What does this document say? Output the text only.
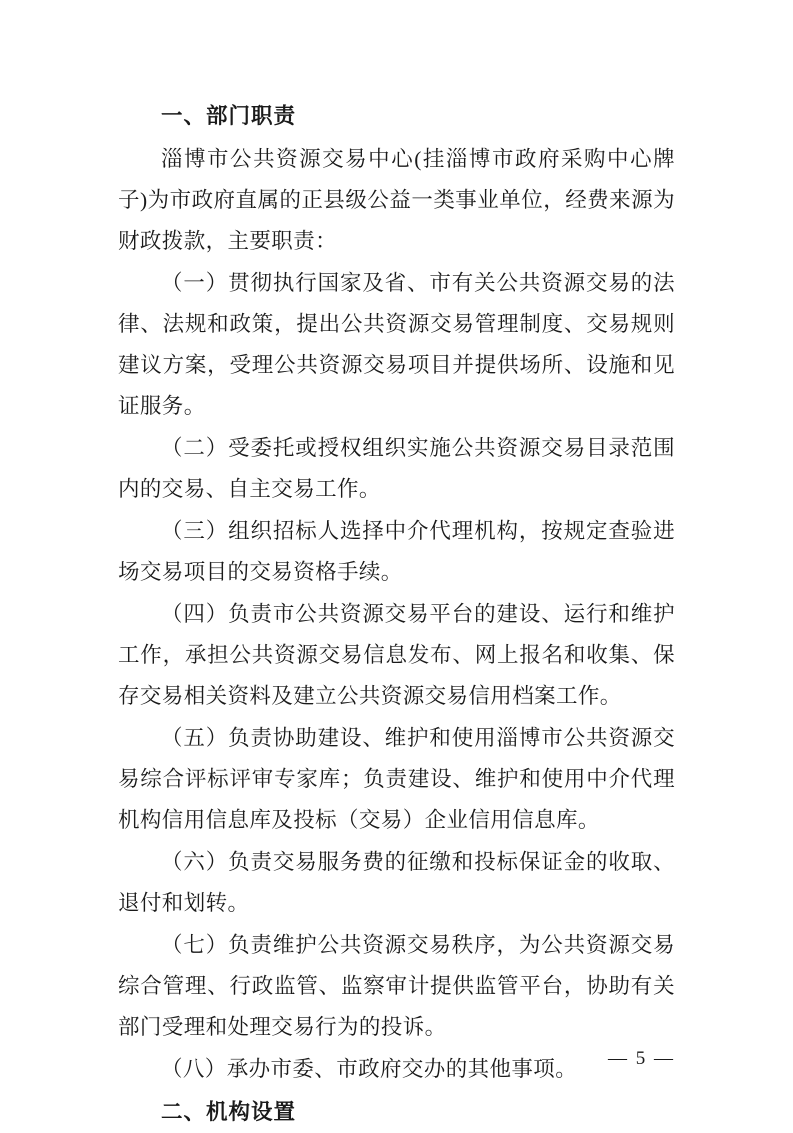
一、部门职责

淄博市公共资源交易中心(挂淄博市政府采购中心牌子)为市政府直属的正县级公益一类事业单位，经费来源为财政拨款，主要职责：

（一）贯彻执行国家及省、市有关公共资源交易的法律、法规和政策，提出公共资源交易管理制度、交易规则建议方案，受理公共资源交易项目并提供场所、设施和见证服务。

（二）受委托或授权组织实施公共资源交易目录范围内的交易、自主交易工作。

（三）组织招标人选择中介代理机构，按规定查验进场交易项目的交易资格手续。

（四）负责市公共资源交易平台的建设、运行和维护工作，承担公共资源交易信息发布、网上报名和收集、保存交易相关资料及建立公共资源交易信用档案工作。

（五）负责协助建设、维护和使用淄博市公共资源交易综合评标评审专家库；负责建设、维护和使用中介代理机构信用信息库及投标（交易）企业信用信息库。

（六）负责交易服务费的征缴和投标保证金的收取、退付和划转。

（七）负责维护公共资源交易秩序，为公共资源交易综合管理、行政监管、监察审计提供监管平台，协助有关部门受理和处理交易行为的投诉。

（八）承办市委、市政府交办的其他事项。

二、机构设置
— 5 —
